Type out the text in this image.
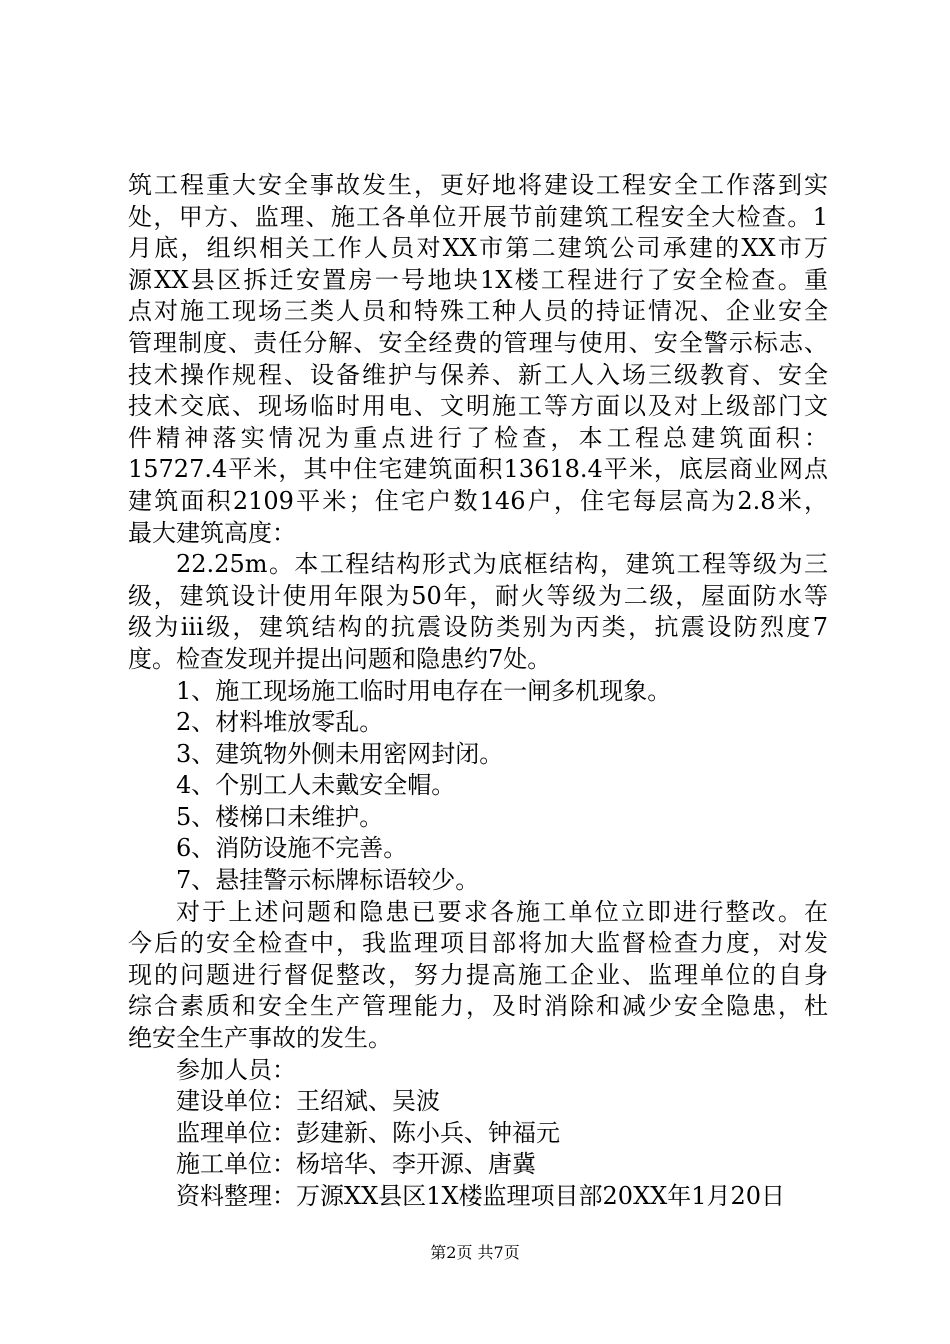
筑工程重大安全事故发生，更好地将建设工程安全工作落到实
处，甲方、监理、施工各单位开展节前建筑工程安全大检查。1
月底，组织相关工作人员对XX市第二建筑公司承建的XX市万
源XX县区拆迁安置房一号地块1X楼工程进行了安全检查。重
点对施工现场三类人员和特殊工种人员的持证情况、企业安全
管理制度、责任分解、安全经费的管理与使用、安全警示标志、
技术操作规程、设备维护与保养、新工人入场三级教育、安全
技术交底、现场临时用电、文明施工等方面以及对上级部门文
件精神落实情况为重点进行了检查，本工程总建筑面积：
15727.4平米，其中住宅建筑面积13618.4平米，底层商业网点
建筑面积2109平米；住宅户数146户，住宅每层高为2.8米，
最大建筑高度：
22.25m。本工程结构形式为底框结构，建筑工程等级为三
级，建筑设计使用年限为50年，耐火等级为二级，屋面防水等
级为iii级，建筑结构的抗震设防类别为丙类，抗震设防烈度7
度。检查发现并提出问题和隐患约7处。
1、施工现场施工临时用电存在一闸多机现象。
2、材料堆放零乱。
3、建筑物外侧未用密网封闭。
4、个别工人未戴安全帽。
5、楼梯口未维护。
6、消防设施不完善。
7、悬挂警示标牌标语较少。
对于上述问题和隐患已要求各施工单位立即进行整改。在
今后的安全检查中，我监理项目部将加大监督检查力度，对发
现的问题进行督促整改，努力提高施工企业、监理单位的自身
综合素质和安全生产管理能力，及时消除和减少安全隐患，杜
绝安全生产事故的发生。
参加人员：
建设单位：王绍斌、吴波
监理单位：彭建新、陈小兵、钟福元
施工单位：杨培华、李开源、唐冀
资料整理：万源XX县区1X楼监理项目部20XX年1月20日
第2页 共7页
